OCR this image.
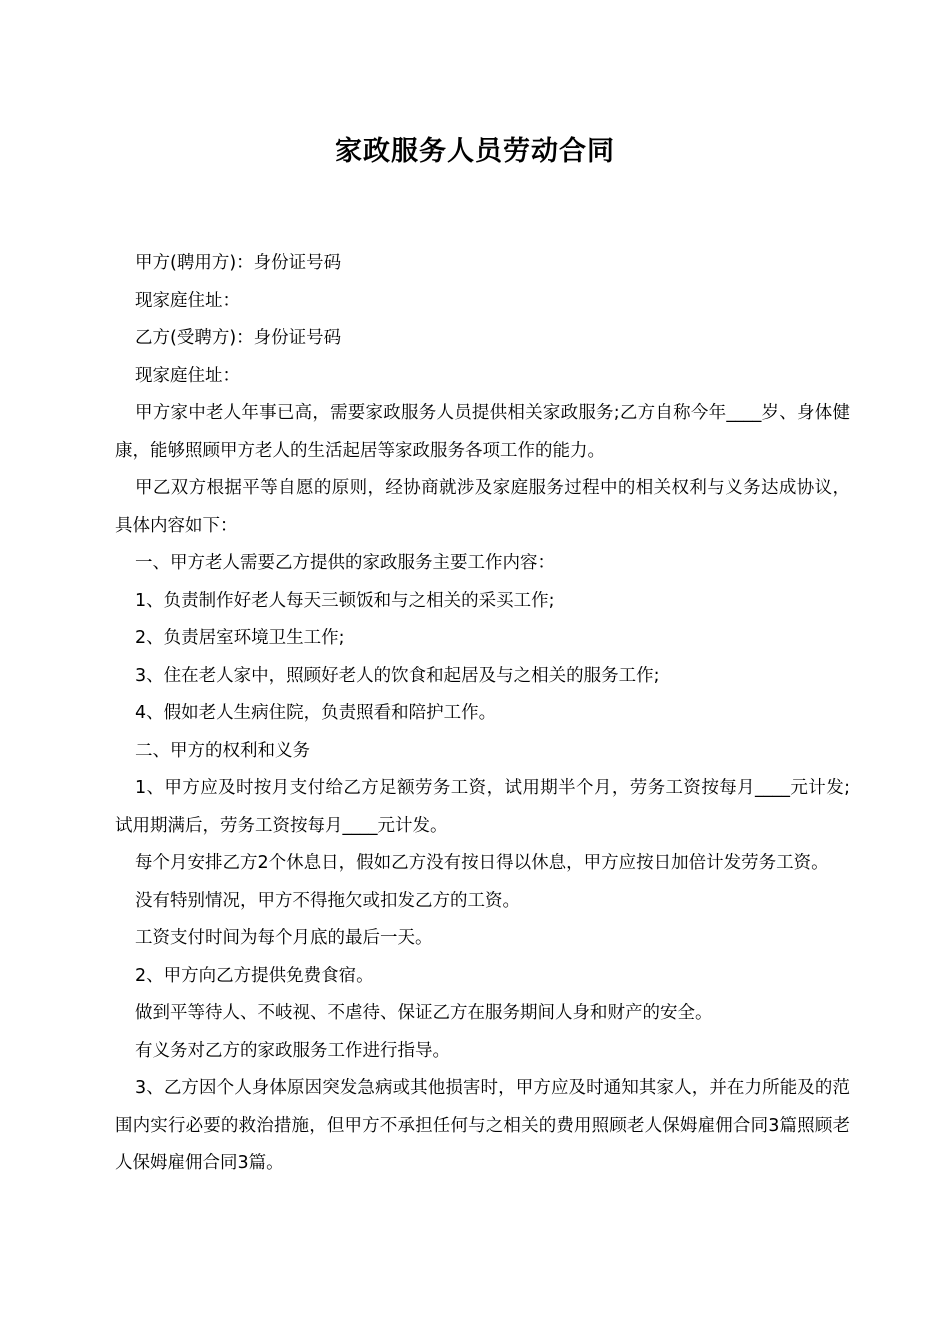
家政服务人员劳动合同

甲方(聘用方)：身份证号码

现家庭住址：

乙方(受聘方)：身份证号码

现家庭住址：

甲方家中老人年事已高，需要家政服务人员提供相关家政服务;乙方自称今年____岁、身体健康，能够照顾甲方老人的生活起居等家政服务各项工作的能力。

甲乙双方根据平等自愿的原则，经协商就涉及家庭服务过程中的相关权利与义务达成协议，具体内容如下：

一、甲方老人需要乙方提供的家政服务主要工作内容：

1、负责制作好老人每天三顿饭和与之相关的采买工作;

2、负责居室环境卫生工作;

3、住在老人家中，照顾好老人的饮食和起居及与之相关的服务工作;

4、假如老人生病住院，负责照看和陪护工作。

二、甲方的权利和义务

1、甲方应及时按月支付给乙方足额劳务工资，试用期半个月，劳务工资按每月____元计发;试用期满后，劳务工资按每月____元计发。

每个月安排乙方2个休息日，假如乙方没有按日得以休息，甲方应按日加倍计发劳务工资。

没有特别情况，甲方不得拖欠或扣发乙方的工资。

工资支付时间为每个月底的最后一天。

2、甲方向乙方提供免费食宿。

做到平等待人、不岐视、不虐待、保证乙方在服务期间人身和财产的安全。

有义务对乙方的家政服务工作进行指导。

3、乙方因个人身体原因突发急病或其他损害时，甲方应及时通知其家人，并在力所能及的范围内实行必要的救治措施，但甲方不承担任何与之相关的费用照顾老人保姆雇佣合同3篇照顾老人保姆雇佣合同3篇。
